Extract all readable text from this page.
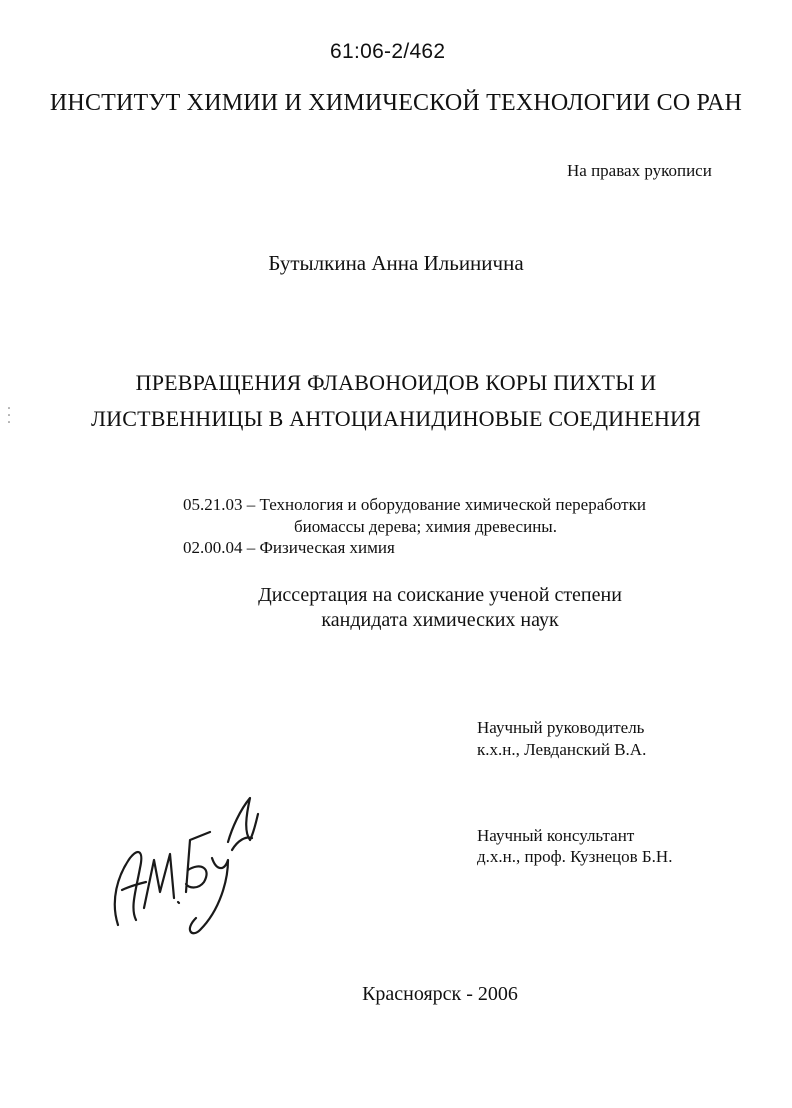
61:06-2/462
ИНСТИТУТ ХИМИИ И ХИМИЧЕСКОЙ ТЕХНОЛОГИИ СО РАН
На правах рукописи
Бутылкина Анна Ильинична
ПРЕВРАЩЕНИЯ ФЛАВОНОИДОВ КОРЫ ПИХТЫ И
ЛИСТВЕННИЦЫ В АНТОЦИАНИДИНОВЫЕ СОЕДИНЕНИЯ
05.21.03 – Технология и оборудование химической переработки
биомассы дерева; химия древесины.
02.00.04 – Физическая химия
Диссертация на соискание ученой степени
кандидата химических наук
Научный руководитель
к.х.н., Левданский В.А.
Научный консультант
д.х.н., проф. Кузнецов Б.Н.
Красноярск - 2006
